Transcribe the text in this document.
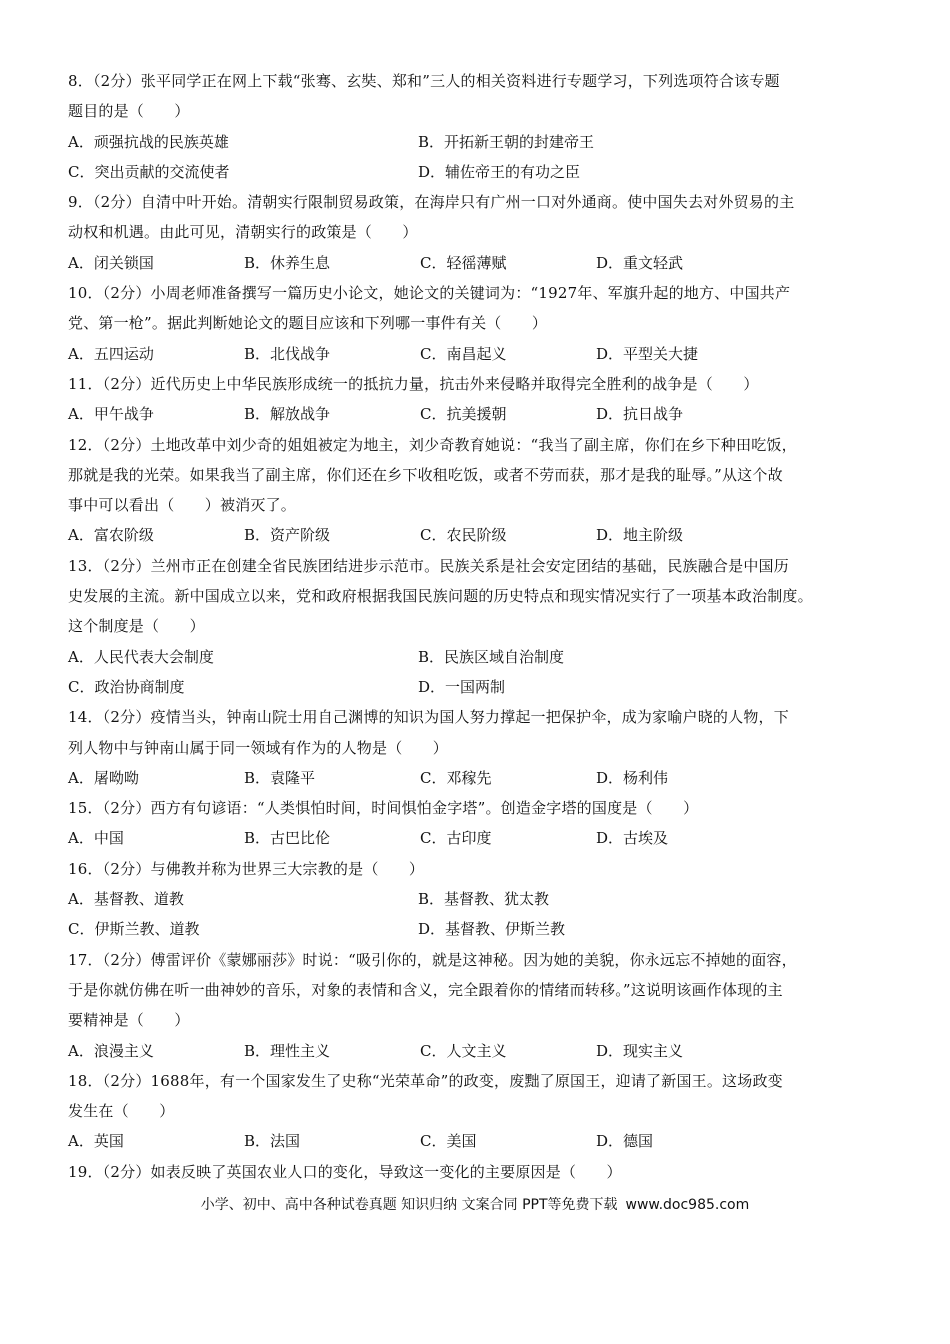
8．（2分）张平同学正在网上下载“张骞、玄奘、郑和”三人的相关资料进行专题学习，下列选项符合该专题
题目的是（　　）
A．顽强抗战的民族英雄	B．开拓新王朝的封建帝王
C．突出贡献的交流使者	D．辅佐帝王的有功之臣
9．（2分）自清中叶开始。清朝实行限制贸易政策，在海岸只有广州一口对外通商。使中国失去对外贸易的主
动权和机遇。由此可见，清朝实行的政策是（　　）
A．闭关锁国	B．休养生息	C．轻徭薄赋	D．重文轻武
10．（2分）小周老师准备撰写一篇历史小论文，她论文的关键词为：“1927年、军旗升起的地方、中国共产
党、第一枪”。据此判断她论文的题目应该和下列哪一事件有关（　　）
A．五四运动	B．北伐战争	C．南昌起义	D．平型关大捷
11．（2分）近代历史上中华民族形成统一的抵抗力量，抗击外来侵略并取得完全胜利的战争是（　　）
A．甲午战争	B．解放战争	C．抗美援朝	D．抗日战争
12．（2分）土地改革中刘少奇的姐姐被定为地主，刘少奇教育她说：“我当了副主席，你们在乡下种田吃饭，
那就是我的光荣。如果我当了副主席，你们还在乡下收租吃饭，或者不劳而获，那才是我的耻辱。”从这个故
事中可以看出（　　）被消灭了。
A．富农阶级	B．资产阶级	C．农民阶级	D．地主阶级
13．（2分）兰州市正在创建全省民族团结进步示范市。民族关系是社会安定团结的基础，民族融合是中国历
史发展的主流。新中国成立以来，党和政府根据我国民族问题的历史特点和现实情况实行了一项基本政治制度。
这个制度是（　　）
A．人民代表大会制度	B．民族区域自治制度
C．政治协商制度	D．一国两制
14．（2分）疫情当头，钟南山院士用自己渊博的知识为国人努力撑起一把保护伞，成为家喻户晓的人物，下
列人物中与钟南山属于同一领域有作为的人物是（　　）
A．屠呦呦	B．袁隆平	C．邓稼先	D．杨利伟
15．（2分）西方有句谚语：“人类惧怕时间，时间惧怕金字塔”。创造金字塔的国度是（　　）
A．中国	B．古巴比伦	C．古印度	D．古埃及
16．（2分）与佛教并称为世界三大宗教的是（　　）
A．基督教、道教	B．基督教、犹太教
C．伊斯兰教、道教	D．基督教、伊斯兰教
17．（2分）傅雷评价《蒙娜丽莎》时说：“吸引你的，就是这神秘。因为她的美貌，你永远忘不掉她的面容，
于是你就仿佛在听一曲神妙的音乐，对象的表情和含义，完全跟着你的情绪而转移。”这说明该画作体现的主
要精神是（　　）
A．浪漫主义	B．理性主义	C．人文主义	D．现实主义
18．（2分）1688年，有一个国家发生了史称“光荣革命”的政变，废黜了原国王，迎请了新国王。这场政变
发生在（　　）
A．英国	B．法国	C．美国	D．德国
19．（2分）如表反映了英国农业人口的变化，导致这一变化的主要原因是（　　）
小学、初中、高中各种试卷真题 知识归纳 文案合同 PPT等免费下载 www.doc985.com
